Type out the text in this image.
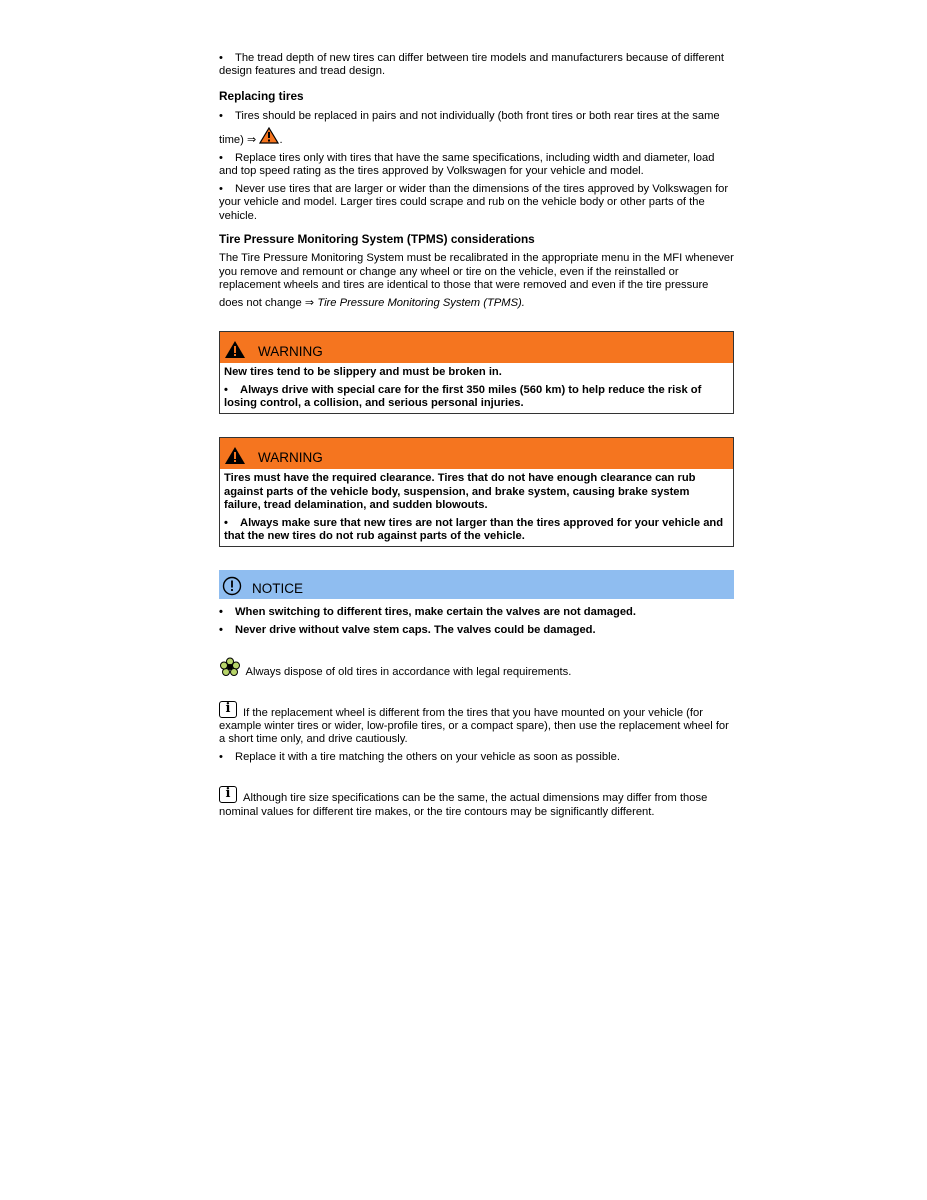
• The tread depth of new tires can differ between tire models and manufacturers because of different design features and tread design.

Replacing tires

• Tires should be replaced in pairs and not individually (both front tires or both rear tires at the same

time) ⇒ .

• Replace tires only with tires that have the same specifications, including width and diameter, load and top speed rating as the tires approved by Volkswagen for your vehicle and model.

• Never use tires that are larger or wider than the dimensions of the tires approved by Volkswagen for your vehicle and model. Larger tires could scrape and rub on the vehicle body or other parts of the vehicle.

Tire Pressure Monitoring System (TPMS) considerations

The Tire Pressure Monitoring System must be recalibrated in the appropriate menu in the MFI whenever you remove and remount or change any wheel or tire on the vehicle, even if the reinstalled or replacement wheels and tires are identical to those that were removed and even if the tire pressure

does not change ⇒ Tire Pressure Monitoring System (TPMS).

WARNING

New tires tend to be slippery and must be broken in.

• Always drive with special care for the first 350 miles (560 km) to help reduce the risk of losing control, a collision, and serious personal injuries.

WARNING

Tires must have the required clearance. Tires that do not have enough clearance can rub against parts of the vehicle body, suspension, and brake system, causing brake system failure, tread delamination, and sudden blowouts.

• Always make sure that new tires are not larger than the tires approved for your vehicle and that the new tires do not rub against parts of the vehicle.

NOTICE

• When switching to different tires, make certain the valves are not damaged.

• Never drive without valve stem caps. The valves could be damaged.

Always dispose of old tires in accordance with legal requirements.

i	If the replacement wheel is different from the tires that you have mounted on your vehicle (for example winter tires or wider, low-profile tires, or a compact spare), then use the replacement wheel for a short time only, and drive cautiously.

• Replace it with a tire matching the others on your vehicle as soon as possible.

i	Although tire size specifications can be the same, the actual dimensions may differ from those nominal values for different tire makes, or the tire contours may be significantly different.
